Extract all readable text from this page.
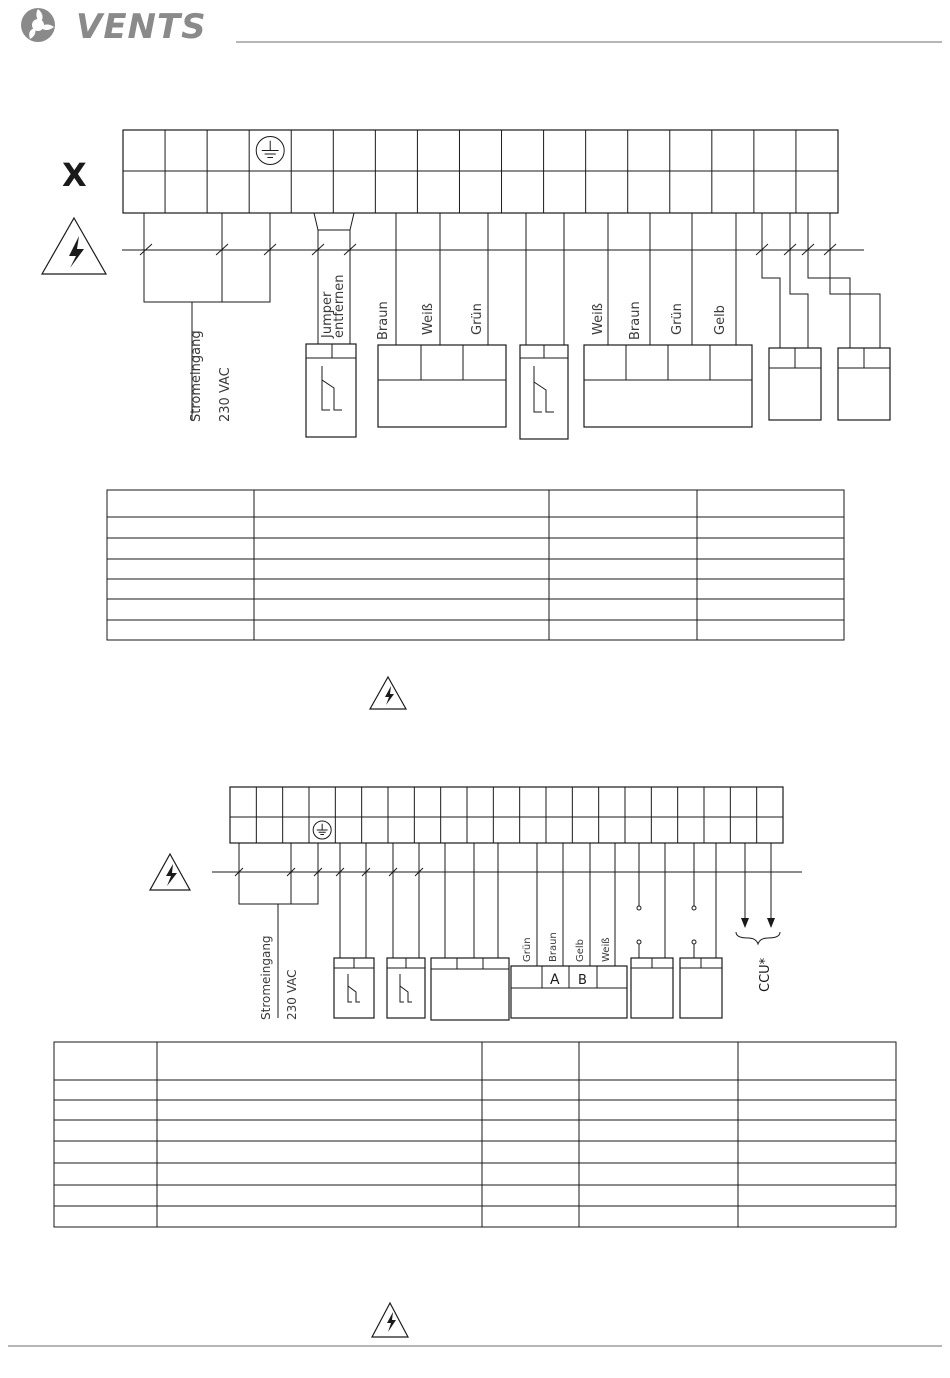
VENTS
X
Stromeingang 230 VAC
Jumper entfernen Braun Weiß	Grün	Weiß Braun Grün Gelb
Stromeingang 230 VAC
Grün Braun Gelb Weiß
A B	CCU*
